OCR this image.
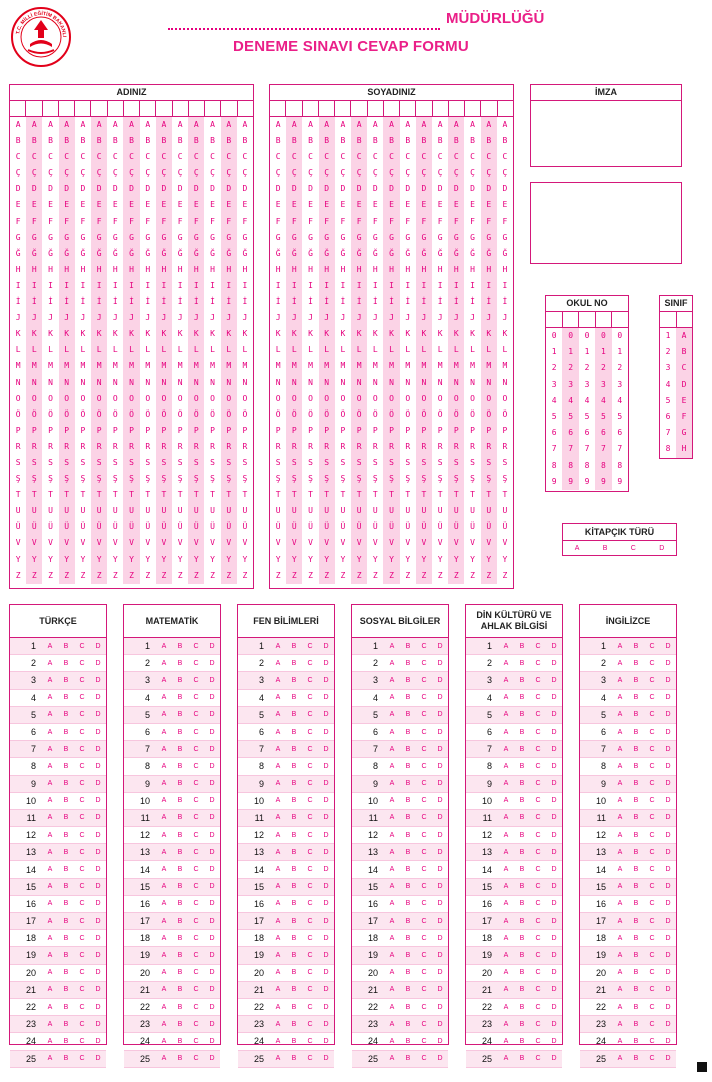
T.C. MİLLİ EĞİTİM BAKANLI
MÜDÜRLÜĞÜ
DENEME SINAVI CEVAP FORMU
ADINIZ
A	A	A	A	A	A	A	A	A	A	A	A	A	A	A
B	B	B	B	B	B	B	B	B	B	B	B	B	B	B
C	C	C	C	C	C	C	C	C	C	C	C	C	C	C
Ç	Ç	Ç	Ç	Ç	Ç	Ç	Ç	Ç	Ç	Ç	Ç	Ç	Ç	Ç
D	D	D	D	D	D	D	D	D	D	D	D	D	D	D
E	E	E	E	E	E	E	E	E	E	E	E	E	E	E
F	F	F	F	F	F	F	F	F	F	F	F	F	F	F
G	G	G	G	G	G	G	G	G	G	G	G	G	G	G
Ğ	Ğ	Ğ	Ğ	Ğ	Ğ	Ğ	Ğ	Ğ	Ğ	Ğ	Ğ	Ğ	Ğ	Ğ
H	H	H	H	H	H	H	H	H	H	H	H	H	H	H
I	I	I	I	I	I	I	I	I	I	I	I	I	I	I
İ	İ	İ	İ	İ	İ	İ	İ	İ	İ	İ	İ	İ	İ	İ
J	J	J	J	J	J	J	J	J	J	J	J	J	J	J
K	K	K	K	K	K	K	K	K	K	K	K	K	K	K
L	L	L	L	L	L	L	L	L	L	L	L	L	L	L
M	M	M	M	M	M	M	M	M	M	M	M	M	M	M
N	N	N	N	N	N	N	N	N	N	N	N	N	N	N
O	O	O	O	O	O	O	O	O	O	O	O	O	O	O
Ö	Ö	Ö	Ö	Ö	Ö	Ö	Ö	Ö	Ö	Ö	Ö	Ö	Ö	Ö
P	P	P	P	P	P	P	P	P	P	P	P	P	P	P
R	R	R	R	R	R	R	R	R	R	R	R	R	R	R
S	S	S	S	S	S	S	S	S	S	S	S	S	S	S
Ş	Ş	Ş	Ş	Ş	Ş	Ş	Ş	Ş	Ş	Ş	Ş	Ş	Ş	Ş
T	T	T	T	T	T	T	T	T	T	T	T	T	T	T
U	U	U	U	U	U	U	U	U	U	U	U	U	U	U
Ü	Ü	Ü	Ü	Ü	Ü	Ü	Ü	Ü	Ü	Ü	Ü	Ü	Ü	Ü
V	V	V	V	V	V	V	V	V	V	V	V	V	V	V
Y	Y	Y	Y	Y	Y	Y	Y	Y	Y	Y	Y	Y	Y	Y
Z	Z	Z	Z	Z	Z	Z	Z	Z	Z	Z	Z	Z	Z	Z
SOYADINIZ
A	A	A	A	A	A	A	A	A	A	A	A	A	A	A
B	B	B	B	B	B	B	B	B	B	B	B	B	B	B
C	C	C	C	C	C	C	C	C	C	C	C	C	C	C
Ç	Ç	Ç	Ç	Ç	Ç	Ç	Ç	Ç	Ç	Ç	Ç	Ç	Ç	Ç
D	D	D	D	D	D	D	D	D	D	D	D	D	D	D
E	E	E	E	E	E	E	E	E	E	E	E	E	E	E
F	F	F	F	F	F	F	F	F	F	F	F	F	F	F
G	G	G	G	G	G	G	G	G	G	G	G	G	G	G
Ğ	Ğ	Ğ	Ğ	Ğ	Ğ	Ğ	Ğ	Ğ	Ğ	Ğ	Ğ	Ğ	Ğ	Ğ
H	H	H	H	H	H	H	H	H	H	H	H	H	H	H
I	I	I	I	I	I	I	I	I	I	I	I	I	I	I
İ	İ	İ	İ	İ	İ	İ	İ	İ	İ	İ	İ	İ	İ	İ
J	J	J	J	J	J	J	J	J	J	J	J	J	J	J
K	K	K	K	K	K	K	K	K	K	K	K	K	K	K
L	L	L	L	L	L	L	L	L	L	L	L	L	L	L
M	M	M	M	M	M	M	M	M	M	M	M	M	M	M
N	N	N	N	N	N	N	N	N	N	N	N	N	N	N
O	O	O	O	O	O	O	O	O	O	O	O	O	O	O
Ö	Ö	Ö	Ö	Ö	Ö	Ö	Ö	Ö	Ö	Ö	Ö	Ö	Ö	Ö
P	P	P	P	P	P	P	P	P	P	P	P	P	P	P
R	R	R	R	R	R	R	R	R	R	R	R	R	R	R
S	S	S	S	S	S	S	S	S	S	S	S	S	S	S
Ş	Ş	Ş	Ş	Ş	Ş	Ş	Ş	Ş	Ş	Ş	Ş	Ş	Ş	Ş
T	T	T	T	T	T	T	T	T	T	T	T	T	T	T
U	U	U	U	U	U	U	U	U	U	U	U	U	U	U
Ü	Ü	Ü	Ü	Ü	Ü	Ü	Ü	Ü	Ü	Ü	Ü	Ü	Ü	Ü
V	V	V	V	V	V	V	V	V	V	V	V	V	V	V
Y	Y	Y	Y	Y	Y	Y	Y	Y	Y	Y	Y	Y	Y	Y
Z	Z	Z	Z	Z	Z	Z	Z	Z	Z	Z	Z	Z	Z	Z
İMZA
OKUL NO
0	0	0	0	0
1	1	1	1	1
2	2	2	2	2
3	3	3	3	3
4	4	4	4	4
5	5	5	5	5
6	6	6	6	6
7	7	7	7	7
8	8	8	8	8
9	9	9	9	9
SINIF
1	A
2	B
3	C
4	D
5	E
6	F
7	G
8	H
KİTAPÇIK TÜRÜ
A	B	C	D
TÜRKÇE
1	A	B	C	D
2	A	B	C	D
3	A	B	C	D
4	A	B	C	D
5	A	B	C	D
6	A	B	C	D
7	A	B	C	D
8	A	B	C	D
9	A	B	C	D
10	A	B	C	D
11	A	B	C	D
12	A	B	C	D
13	A	B	C	D
14	A	B	C	D
15	A	B	C	D
16	A	B	C	D
17	A	B	C	D
18	A	B	C	D
19	A	B	C	D
20	A	B	C	D
21	A	B	C	D
22	A	B	C	D
23	A	B	C	D
24	A	B	C	D
25	A	B	C	D
MATEMATİK
1	A	B	C	D
2	A	B	C	D
3	A	B	C	D
4	A	B	C	D
5	A	B	C	D
6	A	B	C	D
7	A	B	C	D
8	A	B	C	D
9	A	B	C	D
10	A	B	C	D
11	A	B	C	D
12	A	B	C	D
13	A	B	C	D
14	A	B	C	D
15	A	B	C	D
16	A	B	C	D
17	A	B	C	D
18	A	B	C	D
19	A	B	C	D
20	A	B	C	D
21	A	B	C	D
22	A	B	C	D
23	A	B	C	D
24	A	B	C	D
25	A	B	C	D
FEN BİLİMLERİ
1	A	B	C	D
2	A	B	C	D
3	A	B	C	D
4	A	B	C	D
5	A	B	C	D
6	A	B	C	D
7	A	B	C	D
8	A	B	C	D
9	A	B	C	D
10	A	B	C	D
11	A	B	C	D
12	A	B	C	D
13	A	B	C	D
14	A	B	C	D
15	A	B	C	D
16	A	B	C	D
17	A	B	C	D
18	A	B	C	D
19	A	B	C	D
20	A	B	C	D
21	A	B	C	D
22	A	B	C	D
23	A	B	C	D
24	A	B	C	D
25	A	B	C	D
SOSYAL BİLGİLER
1	A	B	C	D
2	A	B	C	D
3	A	B	C	D
4	A	B	C	D
5	A	B	C	D
6	A	B	C	D
7	A	B	C	D
8	A	B	C	D
9	A	B	C	D
10	A	B	C	D
11	A	B	C	D
12	A	B	C	D
13	A	B	C	D
14	A	B	C	D
15	A	B	C	D
16	A	B	C	D
17	A	B	C	D
18	A	B	C	D
19	A	B	C	D
20	A	B	C	D
21	A	B	C	D
22	A	B	C	D
23	A	B	C	D
24	A	B	C	D
25	A	B	C	D
DİN KÜLTÜRÜ VE AHLAK BİLGİSİ
1	A	B	C	D
2	A	B	C	D
3	A	B	C	D
4	A	B	C	D
5	A	B	C	D
6	A	B	C	D
7	A	B	C	D
8	A	B	C	D
9	A	B	C	D
10	A	B	C	D
11	A	B	C	D
12	A	B	C	D
13	A	B	C	D
14	A	B	C	D
15	A	B	C	D
16	A	B	C	D
17	A	B	C	D
18	A	B	C	D
19	A	B	C	D
20	A	B	C	D
21	A	B	C	D
22	A	B	C	D
23	A	B	C	D
24	A	B	C	D
25	A	B	C	D
İNGİLİZCE
1	A	B	C	D
2	A	B	C	D
3	A	B	C	D
4	A	B	C	D
5	A	B	C	D
6	A	B	C	D
7	A	B	C	D
8	A	B	C	D
9	A	B	C	D
10	A	B	C	D
11	A	B	C	D
12	A	B	C	D
13	A	B	C	D
14	A	B	C	D
15	A	B	C	D
16	A	B	C	D
17	A	B	C	D
18	A	B	C	D
19	A	B	C	D
20	A	B	C	D
21	A	B	C	D
22	A	B	C	D
23	A	B	C	D
24	A	B	C	D
25	A	B	C	D
